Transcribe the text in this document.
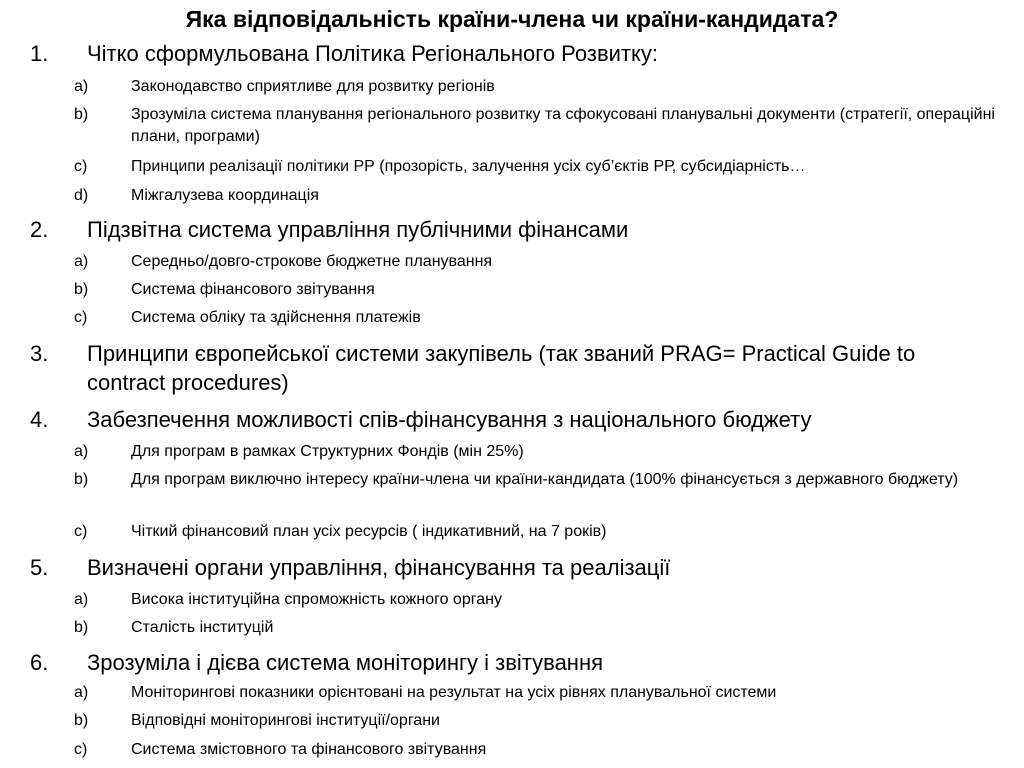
Яка відповідальність країни-члена чи країни-кандидата?
1. Чітко сформульована Політика Регіонального Розвитку:
a)	Законодавство сприятливе для розвитку регіонів
b)	Зрозуміла система планування регіонального розвитку та сфокусовані планувальні документи (стратегії, операційні плани, програми)
c)	Принципи реалізації політики РР (прозорість, залучення усіх суб’єктів РР, субсидіарність…
d)	Міжгалузева координація
2. Підзвітна система управління публічними фінансами
a)	Середньо/довго-строкове бюджетне планування
b)	Система фінансового звітування
c)	Система обліку та здійснення платежів
3. Принципи європейської системи закупівель (так званий PRAG= Practical Guide to contract procedures)
4. Забезпечення можливості спів-фінансування з національного бюджету
a)	Для програм в рамках Структурних Фондів (мін 25%)
b)	Для програм виключно інтересу країни-члена чи країни-кандидата (100% фінансується з державного бюджету)
c)	Чіткий фінансовий план усіх ресурсів ( індикативний, на 7 років)
5. Визначені органи управління, фінансування та реалізації
a)	Висока інституційна спроможність кожного органу
b)	Сталість інституцій
6. Зрозуміла і дієва система моніторингу і звітування
a)	Моніторингові показники орієнтовані на результат на усіх рівнях планувальної системи
b)	Відповідні моніторингові інституції/органи
c)	Система змістовного та фінансового звітування
